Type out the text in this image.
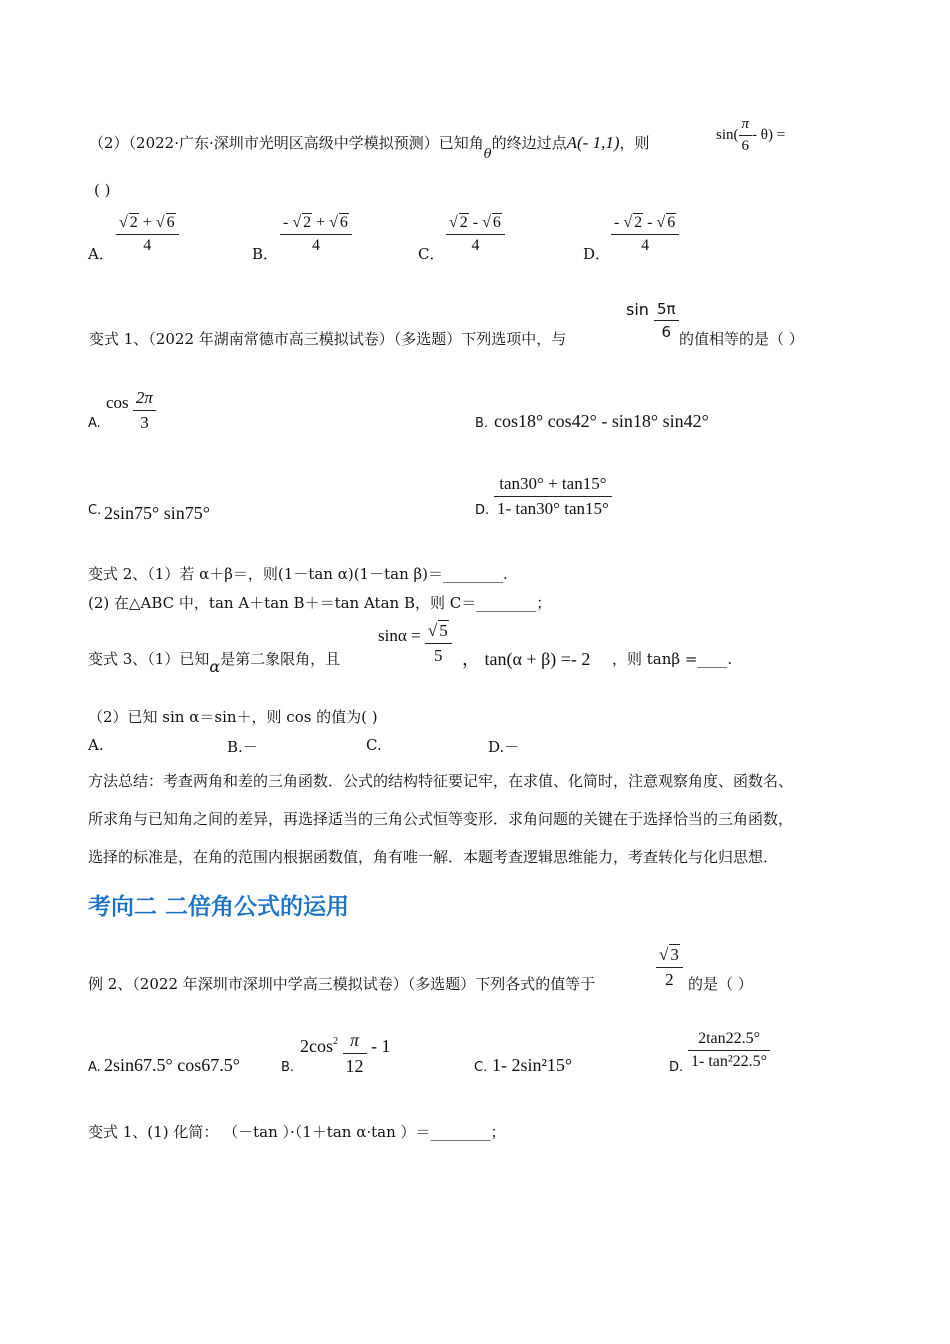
（2）（2022·广东·深圳市光明区高级中学模拟预测）已知角θ的终边过点A(- 1,1)，则	$\sin( \frac{\pi}{6} - \theta)$ =
( )
A． $\frac{√ 2 + √ 6}{4}$	B． $\frac{- √ 2 + √ 6}{4}$	C． $\frac{√ 2 - √ 6}{4}$	D． $\frac{- √ 2 - √ 6}{4}$
变式 1、（2022 年湖南常德市高三模拟试卷）（多选题）下列选项中，与
$\sin \frac{5\pi}{6}$ 的值相等的是（ ）
A.
$\cos \frac{2\pi}{3}$	B. cos18° cos42° - sin18° sin42°
C. 2sin75° sin75°	D. $\frac{\tan 30^\circ + \tan 15^\circ}{1- \tan 30^\circ \tan 15^\circ}$
变式 2、（1）若 α＋β＝，则(1－tan α)(1－tan β)＝________.
(2) 在△ABC 中，tan A＋tan B＋＝tan Atan B，则 C＝________；
变式 3、（1）已知α是第二象限角，且
$\sin\alpha = \frac{√ 5}{5}$ ， tan(α + β) =- 2 ，则 tanβ =____.
（2）已知 sin α＝sin＋，则 cos 的值为( )
A.	B.－	C.	D.－
方法总结：考查两角和差的三角函数．公式的结构特征要记牢，在求值、化简时，注意观察角度、函数名、
所求角与已知角之间的差异，再选择适当的三角公式恒等变形．求角问题的关键在于选择恰当的三角函数，
选择的标准是，在角的范围内根据函数值，角有唯一解．本题考查逻辑思维能力，考查转化与化归思想．
考向二 二倍角公式的运用
例 2、（2022 年深圳市深圳中学高三模拟试卷）（多选题）下列各式的值等于	$\frac{√ 3}{2}$ 的是（ ）
A. 2sin67.5° cos67.5°	B.
$2\cos^2 \frac{\pi}{12} - 1$
C. 1- 2sin²15°	D. $\frac{2\tan 22.5^\circ}{\text{1- tan²22.5°}}$
变式 1、(1) 化简： （－tan ）·（1＋tan α·tan ）＝________；
